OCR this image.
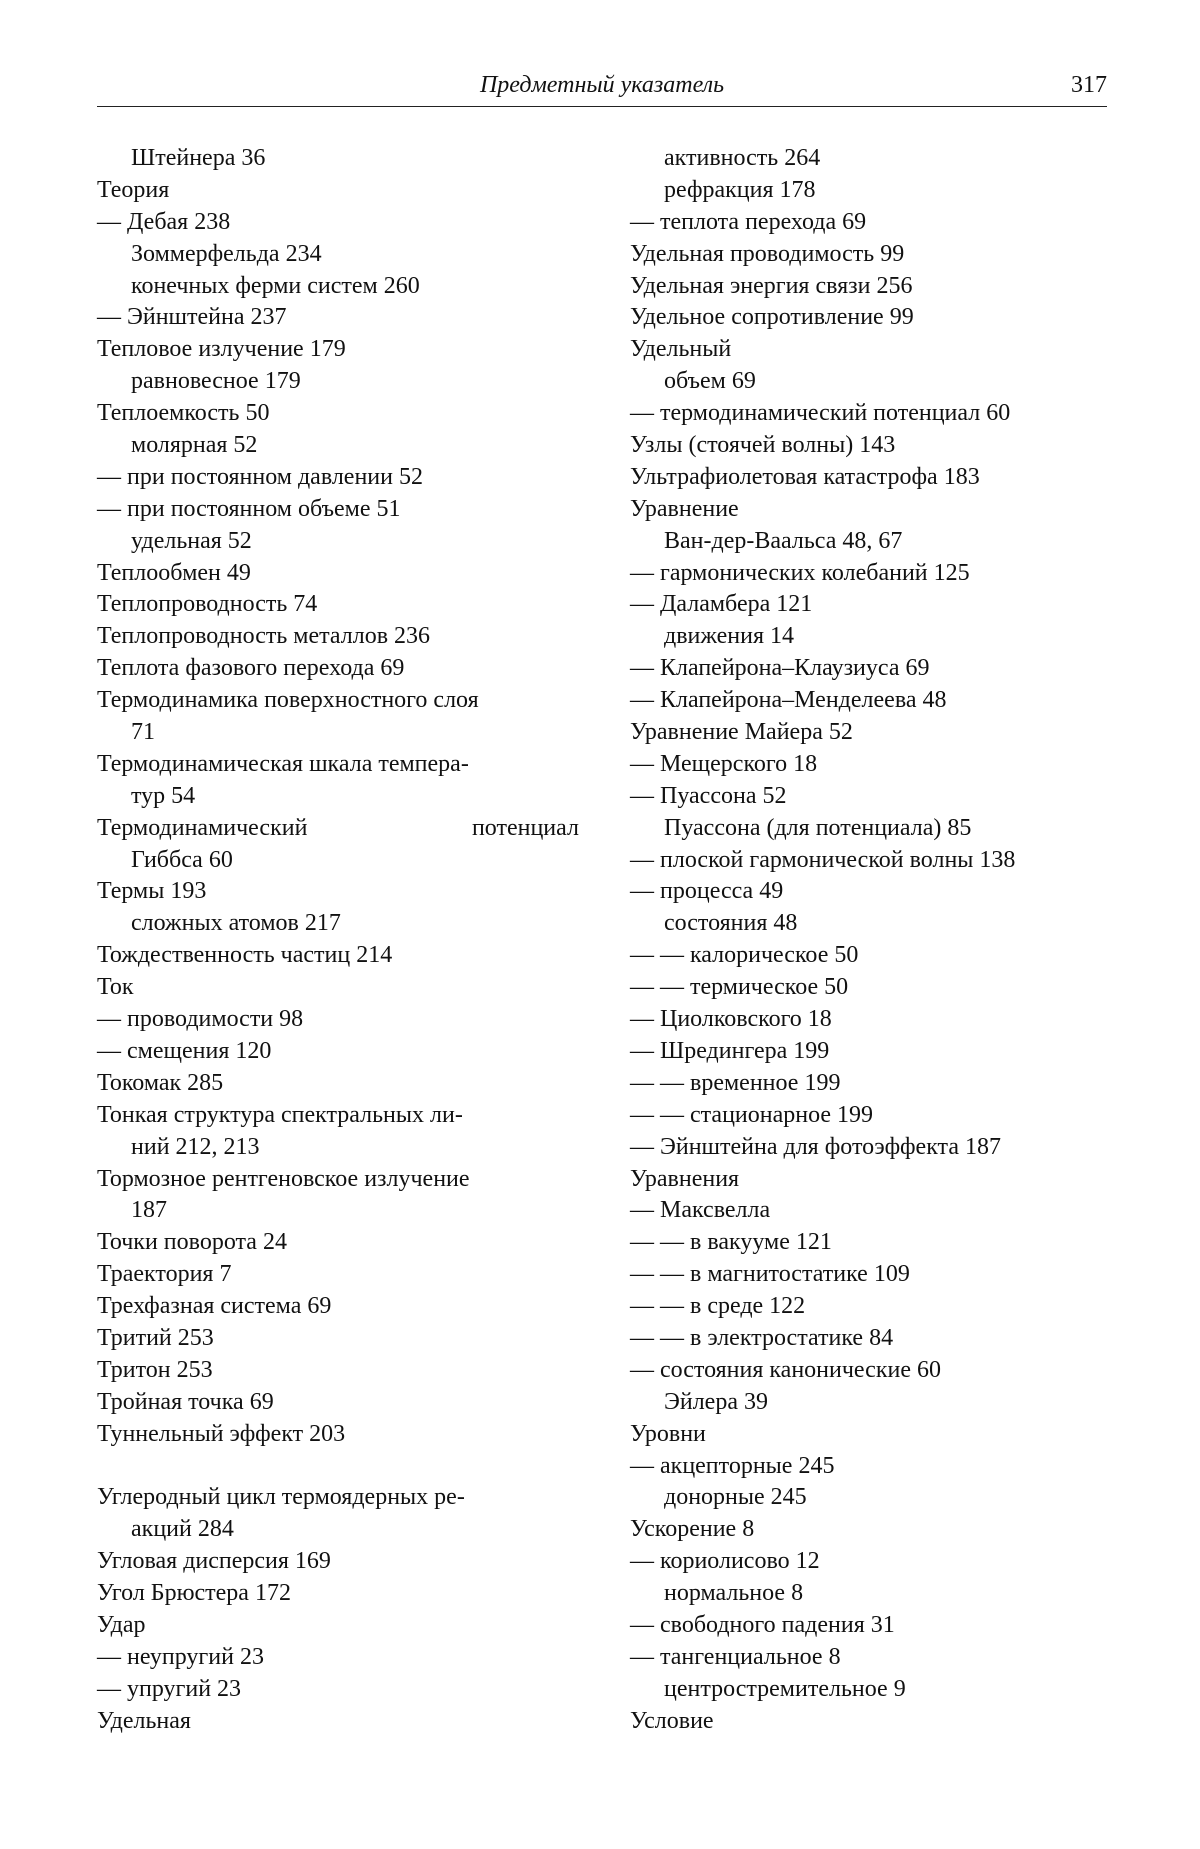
Предметный указатель	317
Штейнера 36
Теория
— Дебая 238
Зоммерфельда 234
конечных ферми систем 260
— Эйнштейна 237
Тепловое излучение 179
равновесное 179
Теплоемкость 50
молярная 52
— при постоянном давлении 52
— при постоянном объеме 51
удельная 52
Теплообмен 49
Теплопроводность 74
Теплопроводность металлов 236
Теплота фазового перехода 69
Термодинамика поверхностного слоя
71
Термодинамическая шкала темпера-
тур 54
Термодинамический потенциал
Гиббса 60
Термы 193
сложных атомов 217
Тождественность частиц 214
Ток
— проводимости 98
— смещения 120
Токомак 285
Тонкая структура спектральных ли-
ний 212, 213
Тормозное рентгеновское излучение
187
Точки поворота 24
Траектория 7
Трехфазная система 69
Тритий 253
Тритон 253
Тройная точка 69
Туннельный эффект 203
Углеродный цикл термоядерных ре-
акций 284
Угловая дисперсия 169
Угол Брюстера 172
Удар
— неупругий 23
— упругий 23
Удельная
активность 264
рефракция 178
— теплота перехода 69
Удельная проводимость 99
Удельная энергия связи 256
Удельное сопротивление 99
Удельный
объем 69
— термодинамический потенциал 60
Узлы (стоячей волны) 143
Ультрафиолетовая катастрофа 183
Уравнение
Ван-дер-Ваальса 48, 67
— гармонических колебаний 125
— Даламбера 121
движения 14
— Клапейрона–Клаузиуса 69
— Клапейрона–Менделеева 48
Уравнение Майера 52
— Мещерского 18
— Пуассона 52
Пуассона (для потенциала) 85
— плоской гармонической волны 138
— процесса 49
состояния 48
— — калорическое 50
— — термическое 50
— Циолковского 18
— Шредингера 199
— — временное 199
— — стационарное 199
— Эйнштейна для фотоэффекта 187
Уравнения
— Максвелла
— — в вакууме 121
— — в магнитостатике 109
— — в среде 122
— — в электростатике 84
— состояния канонические 60
Эйлера 39
Уровни
— акцепторные 245
донорные 245
Ускорение 8
— кориолисово 12
нормальное 8
— свободного падения 31
— тангенциальное 8
центростремительное 9
Условие
